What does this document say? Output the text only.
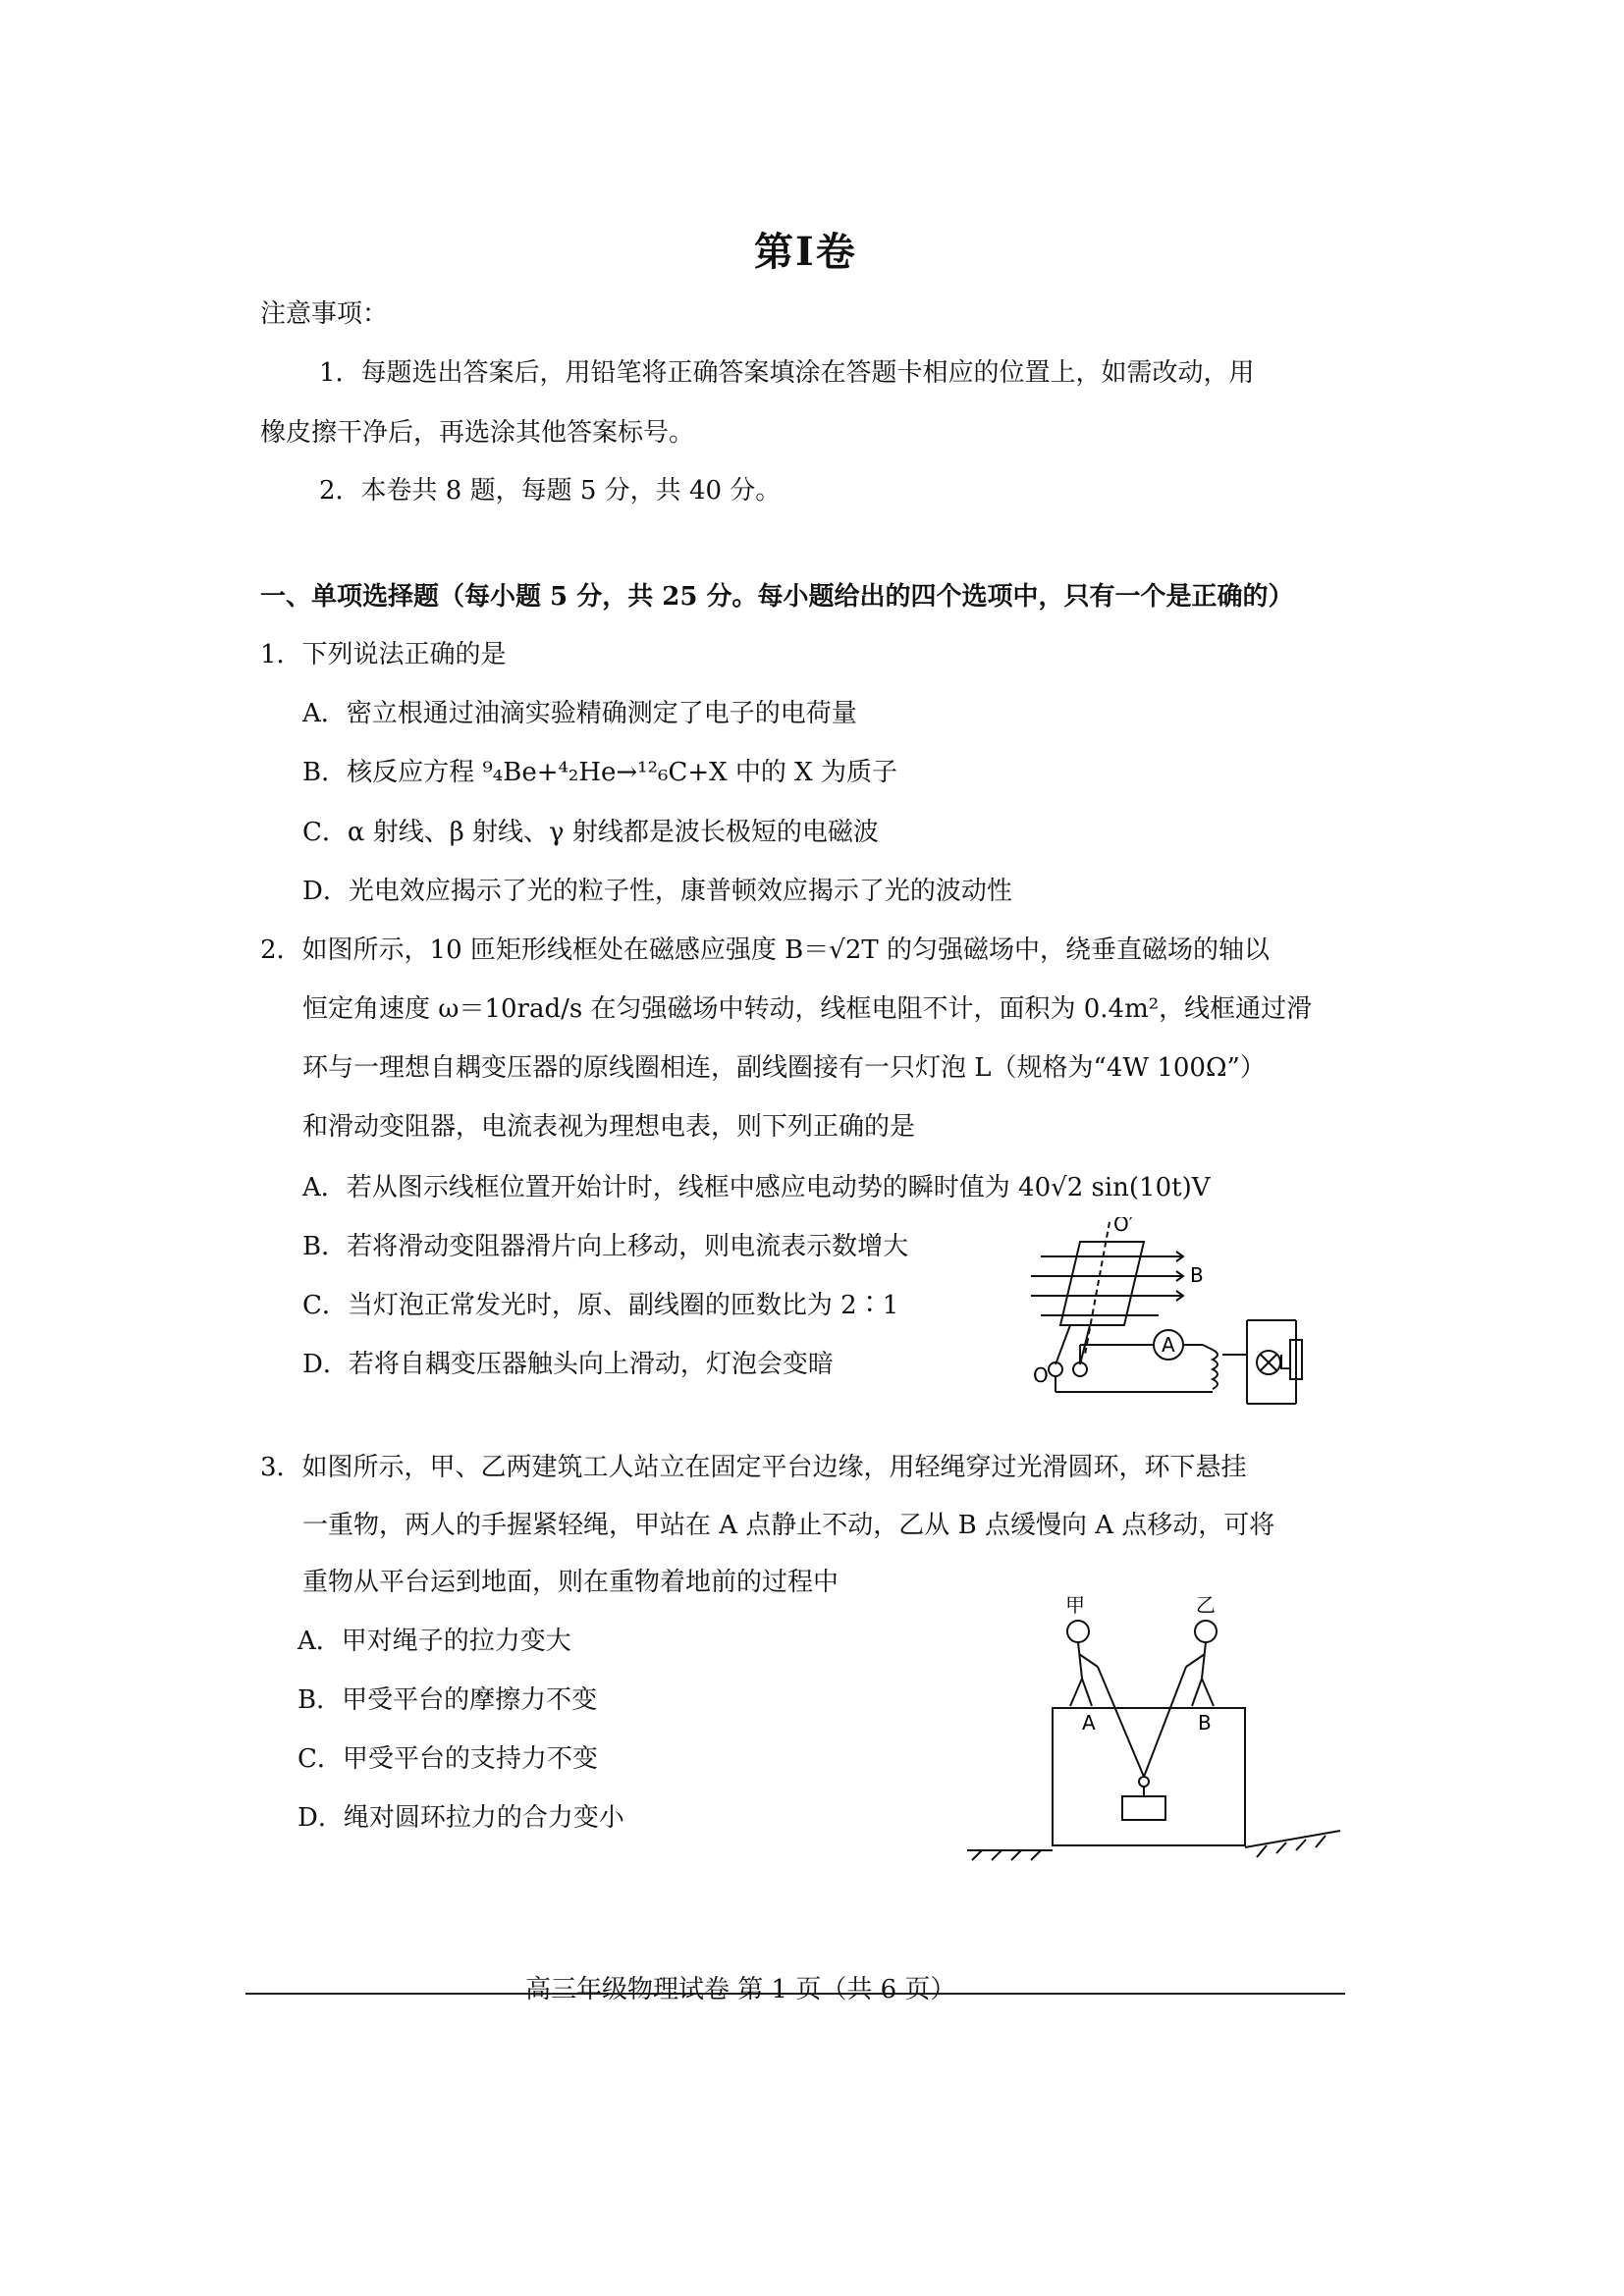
第Ⅰ卷
注意事项：
1．每题选出答案后，用铅笔将正确答案填涂在答题卡相应的位置上，如需改动，用
橡皮擦干净后，再选涂其他答案标号。
2．本卷共 8 题，每题 5 分，共 40 分。
一、单项选择题（每小题 5 分，共 25 分。每小题给出的四个选项中，只有一个是正确的）
1．下列说法正确的是
A．密立根通过油滴实验精确测定了电子的电荷量
B．核反应方程 ⁹₄Be+⁴₂He→¹²₆C+X 中的 X 为质子
C．α 射线、β 射线、γ 射线都是波长极短的电磁波
D．光电效应揭示了光的粒子性，康普顿效应揭示了光的波动性
2．如图所示，10 匝矩形线框处在磁感应强度 B＝√2T 的匀强磁场中，绕垂直磁场的轴以
恒定角速度 ω＝10rad/s 在匀强磁场中转动，线框电阻不计，面积为 0.4m²，线框通过滑
环与一理想自耦变压器的原线圈相连，副线圈接有一只灯泡 L（规格为“4W 100Ω”）
和滑动变阻器，电流表视为理想电表，则下列正确的是
A．若从图示线框位置开始计时，线框中感应电动势的瞬时值为 40√2 sin(10t)V
B．若将滑动变阻器滑片向上移动，则电流表示数增大
C．当灯泡正常发光时，原、副线圈的匝数比为 2∶1
D．若将自耦变压器触头向上滑动，灯泡会变暗
O′
B
A
L
O
3．如图所示，甲、乙两建筑工人站立在固定平台边缘，用轻绳穿过光滑圆环，环下悬挂
一重物，两人的手握紧轻绳，甲站在 A 点静止不动，乙从 B 点缓慢向 A 点移动，可将
重物从平台运到地面，则在重物着地前的过程中
A．甲对绳子的拉力变大
B．甲受平台的摩擦力不变
C．甲受平台的支持力不变
D．绳对圆环拉力的合力变小
甲	乙
A	B
高三年级物理试卷 第 1 页（共 6 页）
